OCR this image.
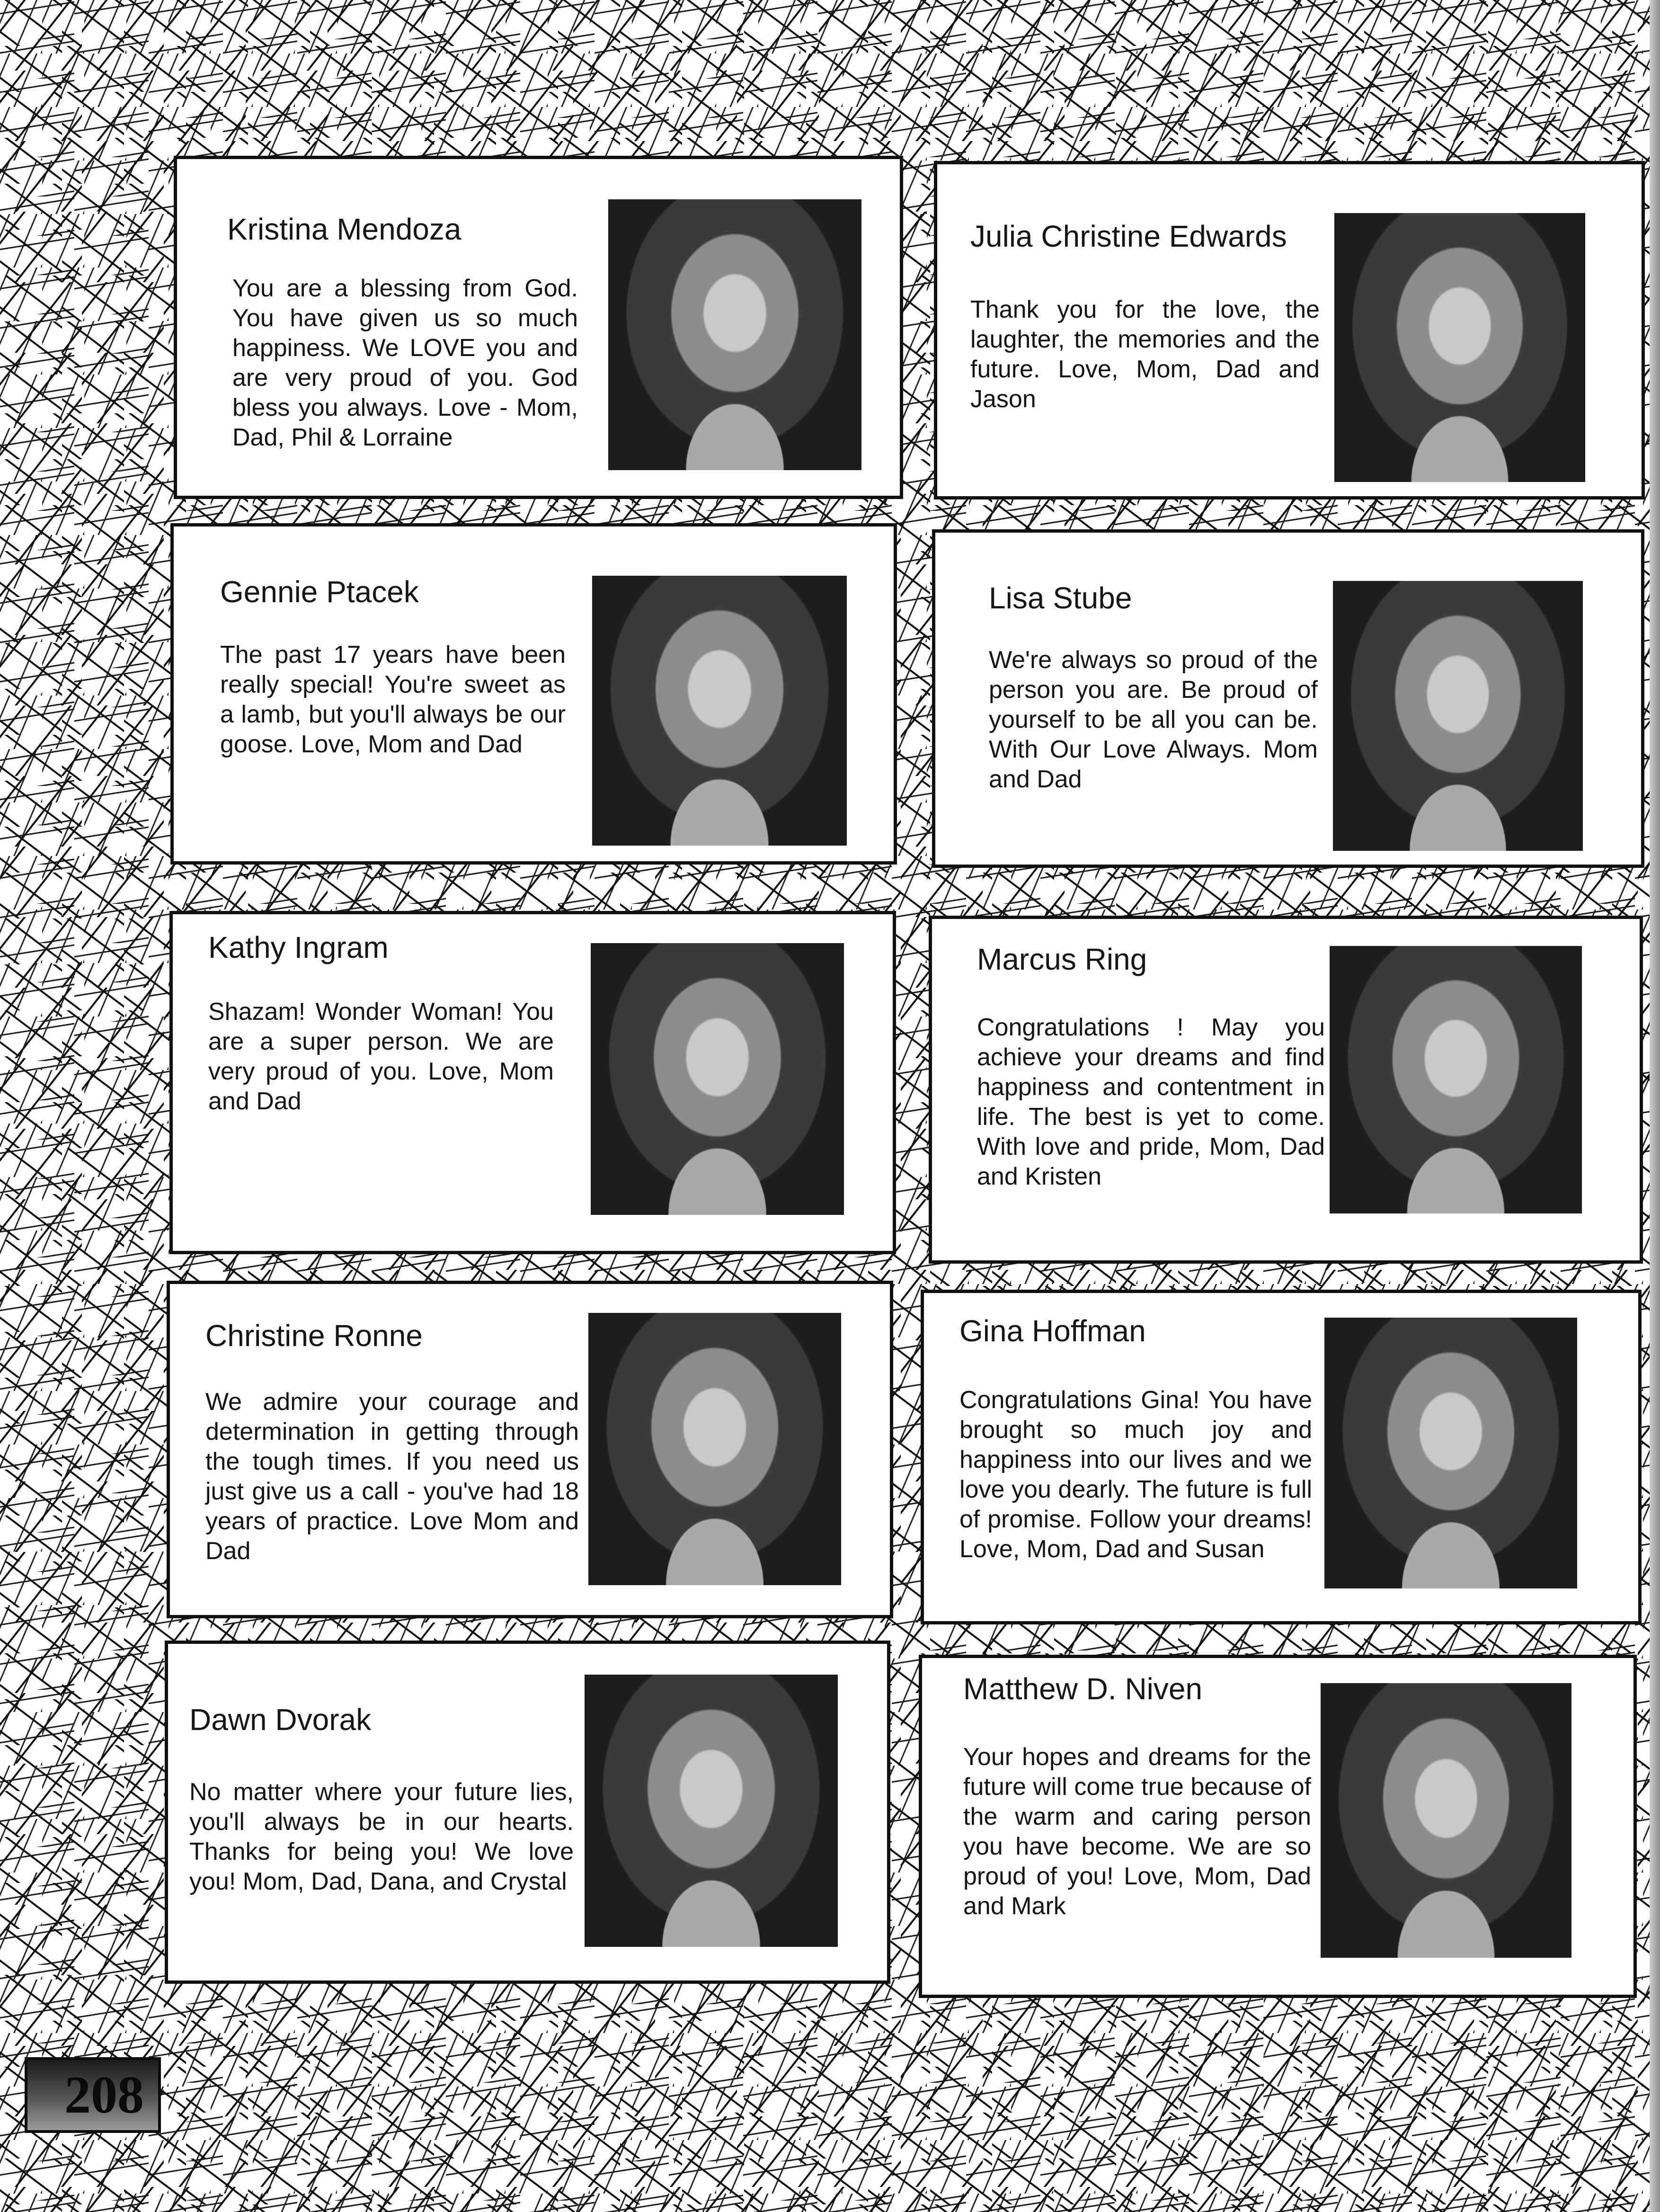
Kristina Mendoza

You are a blessing from God. You have given us so much happiness. We LOVE you and are very proud of you. God bless you always. Love - Mom, Dad, Phil & Lorraine

Julia Christine Edwards

Thank you for the love, the laughter, the memories and the future. Love, Mom, Dad and Jason

Gennie Ptacek

The past 17 years have been really special! You're sweet as a lamb, but you'll always be our goose. Love, Mom and Dad

Lisa Stube

We're always so proud of the person you are. Be proud of yourself to be all you can be. With Our Love Always. Mom and Dad

Kathy Ingram

Shazam! Wonder Woman! You are a super person. We are very proud of you. Love, Mom and Dad

Marcus Ring

Congratulations ! May you achieve your dreams and find happiness and contentment in life. The best is yet to come. With love and pride, Mom, Dad and Kristen

Christine Ronne

We admire your courage and determination in getting through the tough times. If you need us just give us a call - you've had 18 years of practice. Love Mom and Dad

Gina Hoffman

Congratulations Gina! You have brought so much joy and happiness into our lives and we love you dearly. The future is full of promise. Follow your dreams! Love, Mom, Dad and Susan

Dawn Dvorak

No matter where your future lies, you'll always be in our hearts. Thanks for being you! We love you! Mom, Dad, Dana, and Crystal

Matthew D. Niven

Your hopes and dreams for the future will come true because of the warm and caring person you have become. We are so proud of you! Love, Mom, Dad and Mark

208
